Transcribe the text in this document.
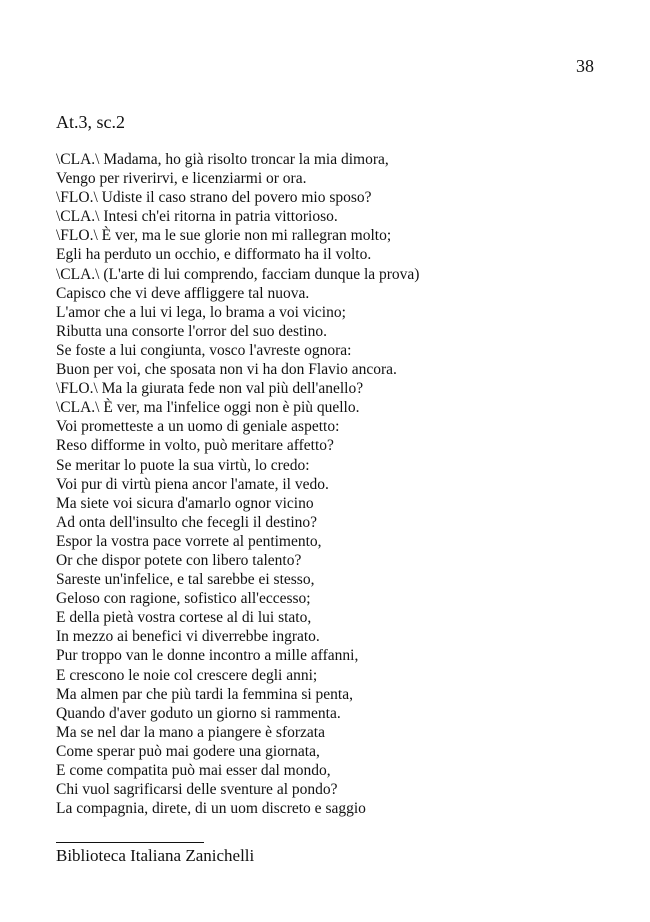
38
At.3, sc.2
\CLA.\ Madama, ho già risolto troncar la mia dimora,
Vengo per riverirvi, e licenziarmi or ora.
\FLO.\ Udiste il caso strano del povero mio sposo?
\CLA.\ Intesi ch'ei ritorna in patria vittorioso.
\FLO.\ È ver, ma le sue glorie non mi rallegran molto;
Egli ha perduto un occhio, e difformato ha il volto.
\CLA.\ (L'arte di lui comprendo, facciam dunque la prova)
Capisco che vi deve affliggere tal nuova.
L'amor che a lui vi lega, lo brama a voi vicino;
Ributta una consorte l'orror del suo destino.
Se foste a lui congiunta, vosco l'avreste ognora:
Buon per voi, che sposata non vi ha don Flavio ancora.
\FLO.\ Ma la giurata fede non val più dell'anello?
\CLA.\ È ver, ma l'infelice oggi non è più quello.
Voi prometteste a un uomo di geniale aspetto:
Reso difforme in volto, può meritare affetto?
Se meritar lo puote la sua virtù, lo credo:
Voi pur di virtù piena ancor l'amate, il vedo.
Ma siete voi sicura d'amarlo ognor vicino
Ad onta dell'insulto che fecegli il destino?
Espor la vostra pace vorrete al pentimento,
Or che dispor potete con libero talento?
Sareste un'infelice, e tal sarebbe ei stesso,
Geloso con ragione, sofistico all'eccesso;
E della pietà vostra cortese al di lui stato,
In mezzo ai benefici vi diverrebbe ingrato.
Pur troppo van le donne incontro a mille affanni,
E crescono le noie col crescere degli anni;
Ma almen par che più tardi la femmina si penta,
Quando d'aver goduto un giorno si rammenta.
Ma se nel dar la mano a piangere è sforzata
Come sperar può mai godere una giornata,
E come compatita può mai esser dal mondo,
Chi vuol sagrificarsi delle sventure al pondo?
La compagnia, direte, di un uom discreto e saggio
Biblioteca Italiana Zanichelli
